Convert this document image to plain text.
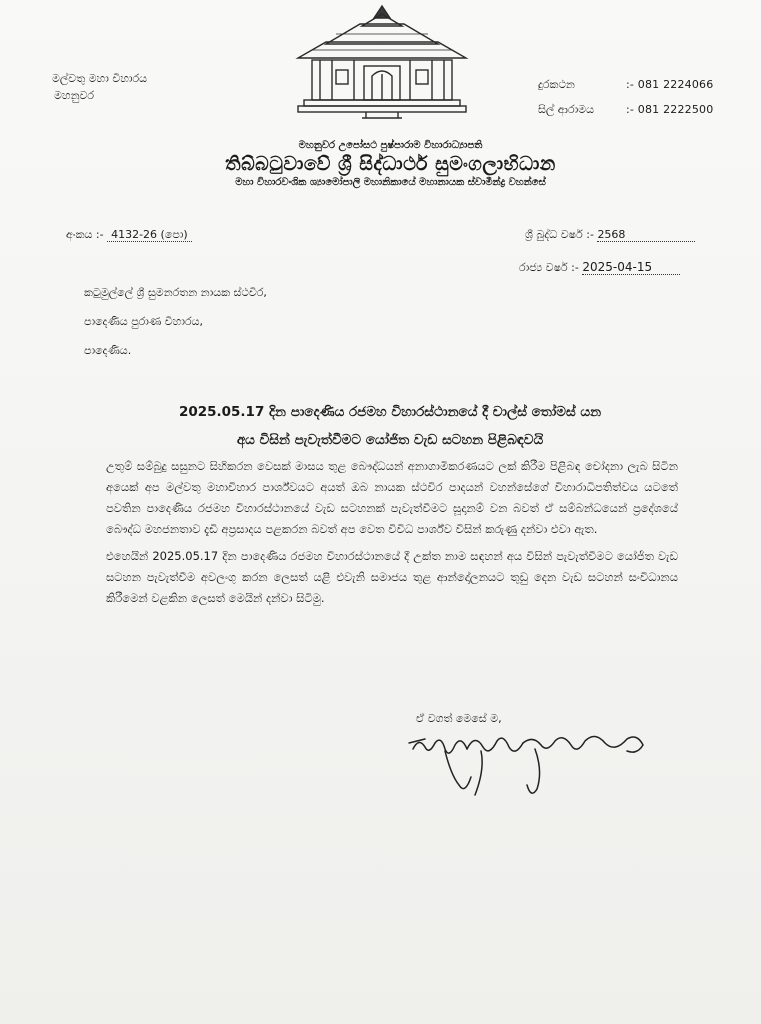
මල්වතු මහා විහාරය
මහනුවර
දුරකථන	:- 081 2224066
සිල් ආරාමය	:- 081 2222500
මහනුවර උපෝසථ පුෂ්පාරාම විහාරාධ්‍යාපති
තිබ්බටුවාවේ ශ්‍රී සිද්ධාර්ථ සුමංගලාභිධාන
මහා විහාරවංශික ශ්‍යාමෝපාලි මහානිකායේ මහානායක ස්වාමීන්ද්‍ර වහන්සේ
අංකය :- 4132-26 (පො)	ශ්‍රී බුද්ධ වර්ෂ :- 2568
රාජ්‍ය වර්ෂ :- 2025-04-15
කටුමුල්ලේ ශ්‍රී සුමනරතන නායක ස්ථවිර,
පාදෙණිය පුරාණ විහාරය,
පාදෙණිය.
2025.05.17 දින පාදෙණිය රජමහ විහාරස්ථානයේ දී චාල්ස් තෝමස් යන
අය විසින් පැවැත්වීමට යෝජිත වැඩ සටහන පිළිබඳවයි

උතුම් සම්බුදු සසුනට සිහිකරන වෙසක් මාසය තුළ බෞද්ධයන් අනාගාමිකරණයට ලක් කිරීම පිළිබඳ චෝදනා ලැබ සිටින අයෙක් අප මල්වතු මහාවිහාර පාර්ශ්වයට අයත් ඔබ නායක ස්ථවිර පාදයන් වහන්සේගේ විහාරාධිපතිත්වය යටතේ පවතින පාදෙණිය රජමහ විහාරස්ථානයේ වැඩ සටහනක් පැවැත්වීමට සූදානම් වන බවත් ඒ සම්බන්ධයෙන් ප්‍රදේශයේ බෞද්ධ මහජනතාව දැඩි අප්‍රසාදය පළකරන බවත් අප වෙත විවිධ පාර්ශ්ව විසින් කරුණු දන්වා එවා ඇත.

එහෙයින් 2025.05.17 දින පාදෙණිය රජමහ විහාරස්ථානයේ දී උක්ත නාම සඳහන් අය විසින් පැවැත්වීමට යෝජිත වැඩ සටහන පැවැත්වීම අවලංගු කරන ලෙසත් යළි එවැනි සමාජය තුළ ආන්දෝලනයට තුඩු දෙන වැඩ සටහන් සංවිධානය කිරීමෙන් වළකින ලෙසත් මෙයින් දන්වා සිටිමු.

ඒ වගත් මෙසේ ම,
